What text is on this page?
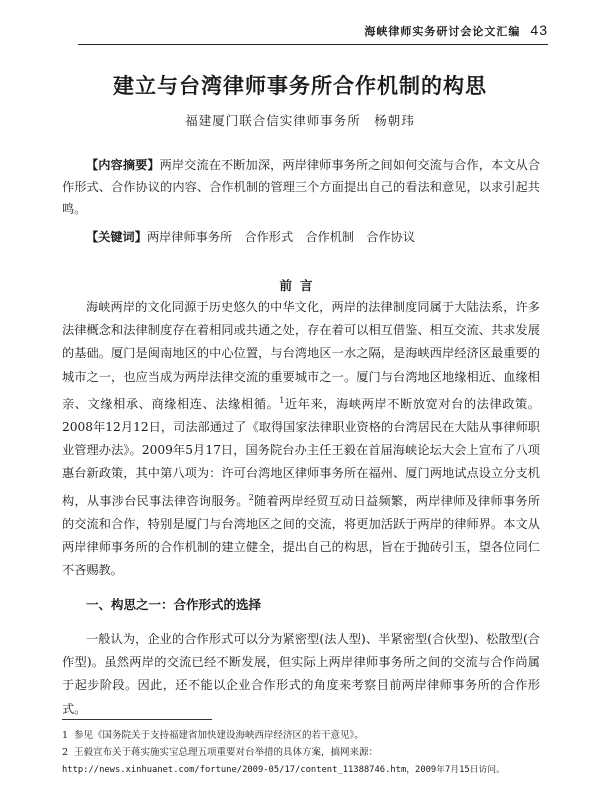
海峡律师实务研讨会论文汇编 43
建立与台湾律师事务所合作机制的构思
福建厦门联合信实律师事务所　杨朝玮

【内容摘要】两岸交流在不断加深，两岸律师事务所之间如何交流与合作，本文从合作形式、合作协议的内容、合作机制的管理三个方面提出自己的看法和意见，以求引起共鸣。

【关键词】两岸律师事务所　合作形式　合作机制　合作协议

前言

海峡两岸的文化同源于历史悠久的中华文化，两岸的法律制度同属于大陆法系，许多法律概念和法律制度存在着相同或共通之处，存在着可以相互借鉴、相互交流、共求发展的基础。厦门是闽南地区的中心位置，与台湾地区一水之隔，是海峡西岸经济区最重要的城市之一，也应当成为两岸法律交流的重要城市之一。厦门与台湾地区地缘相近、血缘相亲、文缘相承、商缘相连、法缘相循。$^1$近年来，海峡两岸不断放宽对台的法律政策。2008年12月12日，司法部通过了《取得国家法律职业资格的台湾居民在大陆从事律师职业管理办法》。2009年5月17日，国务院台办主任王毅在首届海峡论坛大会上宣布了八项惠台新政策，其中第八项为：许可台湾地区律师事务所在福州、厦门两地试点设立分支机构，从事涉台民事法律咨询服务。$^2$随着两岸经贸互动日益频繁，两岸律师及律师事务所的交流和合作，特别是厦门与台湾地区之间的交流，将更加活跃于两岸的律师界。本文从两岸律师事务所的合作机制的建立健全，提出自己的构思，旨在于抛砖引玉，望各位同仁不吝赐教。

一、构思之一：合作形式的选择

一般认为，企业的合作形式可以分为紧密型(法人型)、半紧密型(合伙型)、松散型(合作型)。虽然两岸的交流已经不断发展，但实际上两岸律师事务所之间的交流与合作尚属于起步阶段。因此，还不能以企业合作形式的角度来考察目前两岸律师事务所的合作形式。

1 参见《国务院关于支持福建省加快建设海峡西岸经济区的若干意见》。

2 王毅宣布关于蒋实施实宝总理五项重要对台举措的具体方案，搞网来源：

http://news.xinhuanet.com/fortune/2009-05/17/content_11388746.htm，2009年7月15日访问。
